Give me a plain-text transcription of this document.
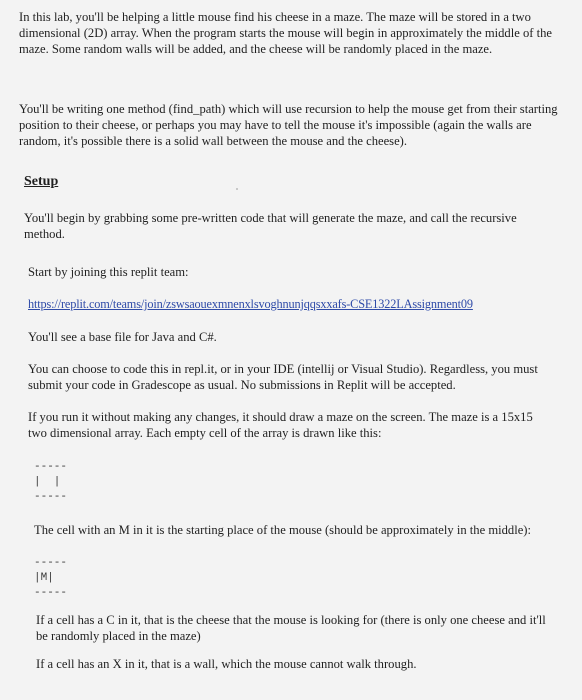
In this lab, you'll be helping a little mouse find his cheese in a maze. The maze will be stored in a two dimensional (2D) array. When the program starts the mouse will begin in approximately the middle of the maze. Some random walls will be added, and the cheese will be randomly placed in the maze.

You'll be writing one method (find_path) which will use recursion to help the mouse get from their starting position to their cheese, or perhaps you may have to tell the mouse it's impossible (again the walls are random, it's possible there is a solid wall between the mouse and the cheese).

Setup

You'll begin by grabbing some pre-written code that will generate the maze, and call the recursive method.

Start by joining this replit team:

https://replit.com/teams/join/zswsaouexmnenxlsvoghnunjqqsxxafs-CSE1322LAssignment09

You'll see a base file for Java and C#.

You can choose to code this in repl.it, or in your IDE (intellij or Visual Studio). Regardless, you must submit your code in Gradescope as usual. No submissions in Replit will be accepted.

If you run it without making any changes, it should draw a maze on the screen. The maze is a 15x15 two dimensional array. Each empty cell of the array is drawn like this:

-----
|  |
-----

The cell with an M in it is the starting place of the mouse (should be approximately in the middle):

-----
|M|
-----

If a cell has a C in it, that is the cheese that the mouse is looking for (there is only one cheese and it'll be randomly placed in the maze)

If a cell has an X in it, that is a wall, which the mouse cannot walk through.
